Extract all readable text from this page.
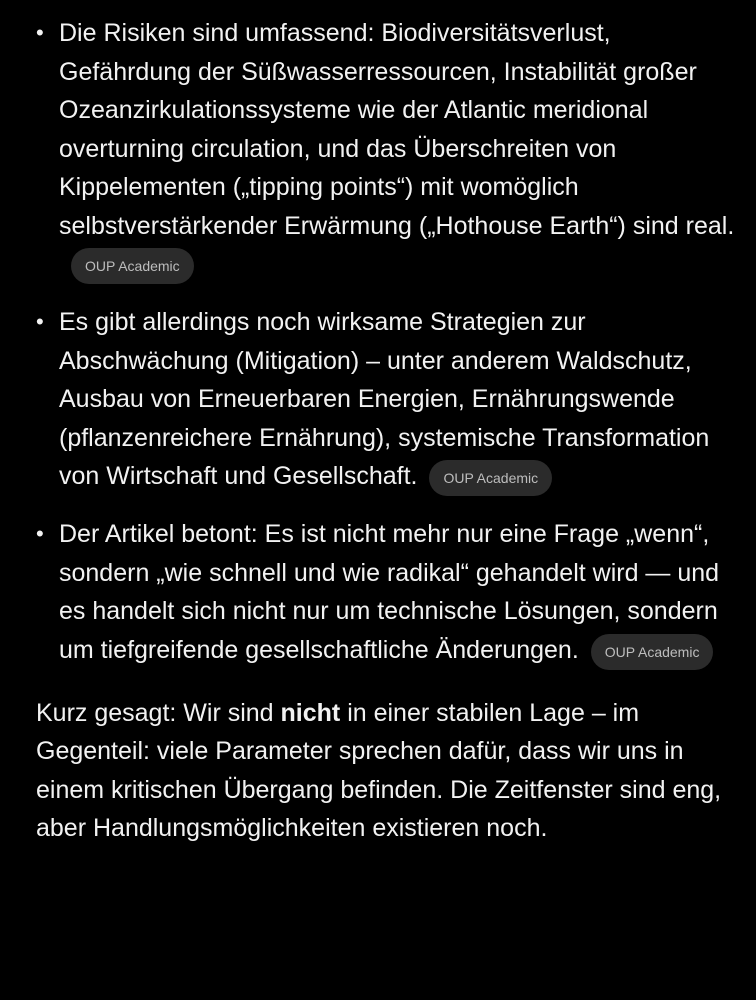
• Die Risiken sind umfassend: Biodiversitätsverlust, Gefährdung der Süßwasserressourcen, Instabilität großer Ozeanzirkulationssysteme wie der Atlantic meridional overturning circulation, und das Überschreiten von Kippelementen („tipping points“) mit womöglich selbstverstärkender Erwärmung („Hothouse Earth“) sind real.OUP Academic
• Es gibt allerdings noch wirksame Strategien zur Abschwächung (Mitigation) – unter anderem Waldschutz, Ausbau von Erneuerbaren Energien, Ernährungswende (pflanzenreichere Ernährung), systemische Transformation von Wirtschaft und Gesellschaft. OUP Academic
• Der Artikel betont: Es ist nicht mehr nur eine Frage „wenn“, sondern „wie schnell und wie radikal“ gehandelt wird — und es handelt sich nicht nur um technische Lösungen, sondern um tiefgreifende gesellschaftliche Änderungen. OUP Academic

Kurz gesagt: Wir sind nicht in einer stabilen Lage – im Gegenteil: viele Parameter sprechen dafür, dass wir uns in einem kritischen Übergang befinden. Die Zeitfenster sind eng, aber Handlungsmöglichkeiten existieren noch.
